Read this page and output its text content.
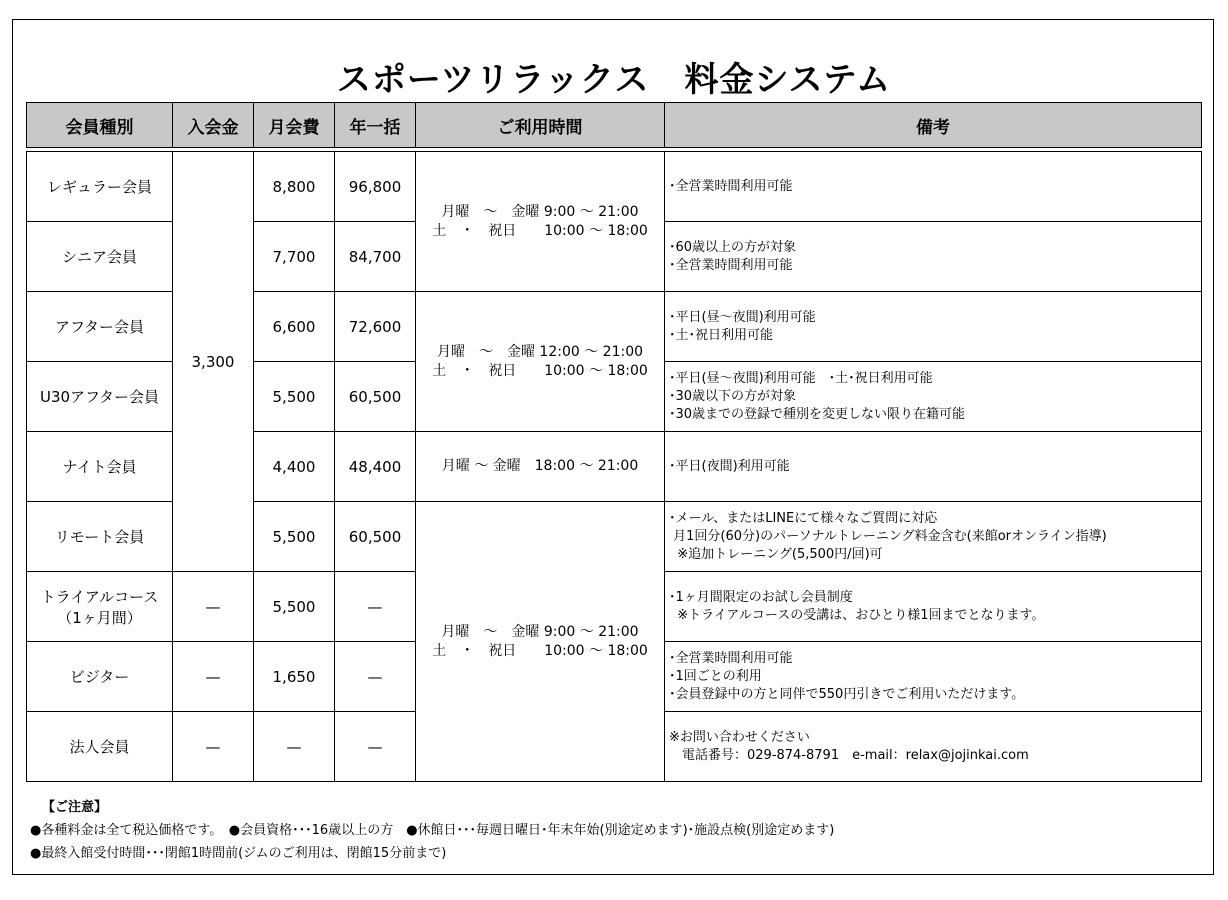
スポーツリラックス　料金システム
会員種別	入会金	月会費	年一括	ご利用時間	備考

レギュラー会員	3,300	8,800	96,800	月曜　～　金曜 9:00 ～ 21:00
土　・　祝日　　10:00 ～ 18:00	･全営業時間利用可能

シニア会員		7,700	84,700		･60歳以上の方が対象
･全営業時間利用可能

アフター会員		6,600	72,600	月曜　～　金曜 12:00 ～ 21:00
土　・　祝日　　10:00 ～ 18:00	･平日(昼～夜間)利用可能
･土･祝日利用可能

U30アフター会員		5,500	60,500		･平日(昼～夜間)利用可能　･土･祝日利用可能
･30歳以下の方が対象
･30歳までの登録で種別を変更しない限り在籍可能

ナイト会員		4,400	48,400	月曜 ～ 金曜　18:00 ～ 21:00	･平日(夜間)利用可能

リモート会員		5,500	60,500	月曜　～　金曜 9:00 ～ 21:00
土　・　祝日　　10:00 ～ 18:00	･メール、またはLINEにて様々なご質問に対応
月1回分(60分)のパーソナルトレーニング料金含む(来館orオンライン指導)
※追加トレーニング(5,500円/回)可

トライアルコース
（1ヶ月間）	—	5,500	—		･1ヶ月間限定のお試し会員制度
※トライアルコースの受講は、おひとり様1回までとなります。

ビジター	—	1,650	—		･全営業時間利用可能
･1回ごとの利用
･会員登録中の方と同伴で550円引きでご利用いただけます。

法人会員	—	—	—		※お問い合わせください
　電話番号：029-874-8791　e-mail：relax@jojinkai.com
【ご注意】
●各種料金は全て税込価格です。　●会員資格･･･16歳以上の方　●休館日･･･毎週日曜日･年末年始(別途定めます)･施設点検(別途定めます)
●最終入館受付時間･･･閉館1時間前(ジムのご利用は、閉館15分前まで)
